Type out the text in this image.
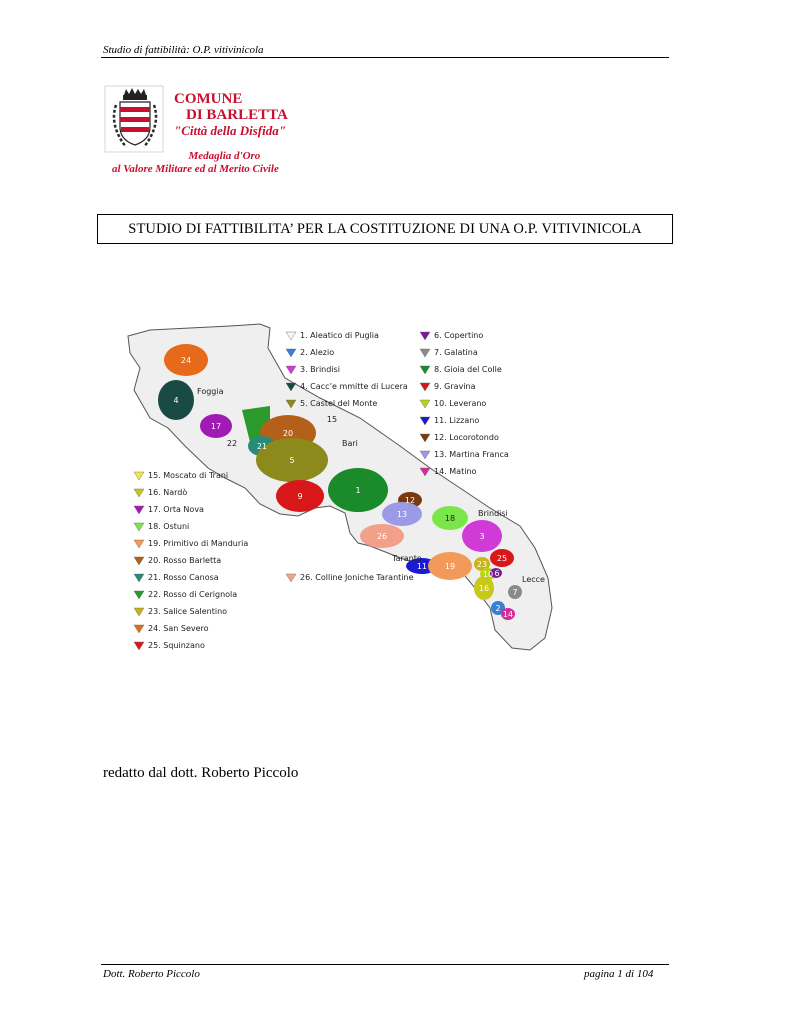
Studio di fattibilità: O.P. vitivinicola
COMUNE
DI BARLETTA
"Città della Disfida"
Medaglia d'Oro
al Valore Militare ed al Merito Civile
STUDIO DI FATTIBILITA’ PER LA COSTITUZIONE DI UNA O.P. VITIVINICOLA
24
4
17
22 21
20
15
5
9
1
12
13	18
3
26
11 19
25
23
10 6
16	7
2
14
Foggia
Bari
Brindisi
Taranto
Lecce
1. Aleatico di Puglia
2. Alezio
3. Brindisi
4. Cacc’e mmitte di Lucera
5. Castel del Monte
6. Copertino
7. Galatina
8. Gioia del Colle
9. Gravina
10. Leverano
11. Lizzano
12. Locorotondo
13. Martina Franca
14. Matino
15. Moscato di Trani
16. Nardò
17. Orta Nova
18. Ostuni
19. Primitivo di Manduria
20. Rosso Barletta
21. Rosso Canosa
22. Rosso di Cerignola
23. Salice Salentino
24. San Severo
25. Squinzano
26. Colline Joniche Tarantine
redatto dal dott. Roberto Piccolo
Dott. Roberto Piccolo	pagina 1 di 104
